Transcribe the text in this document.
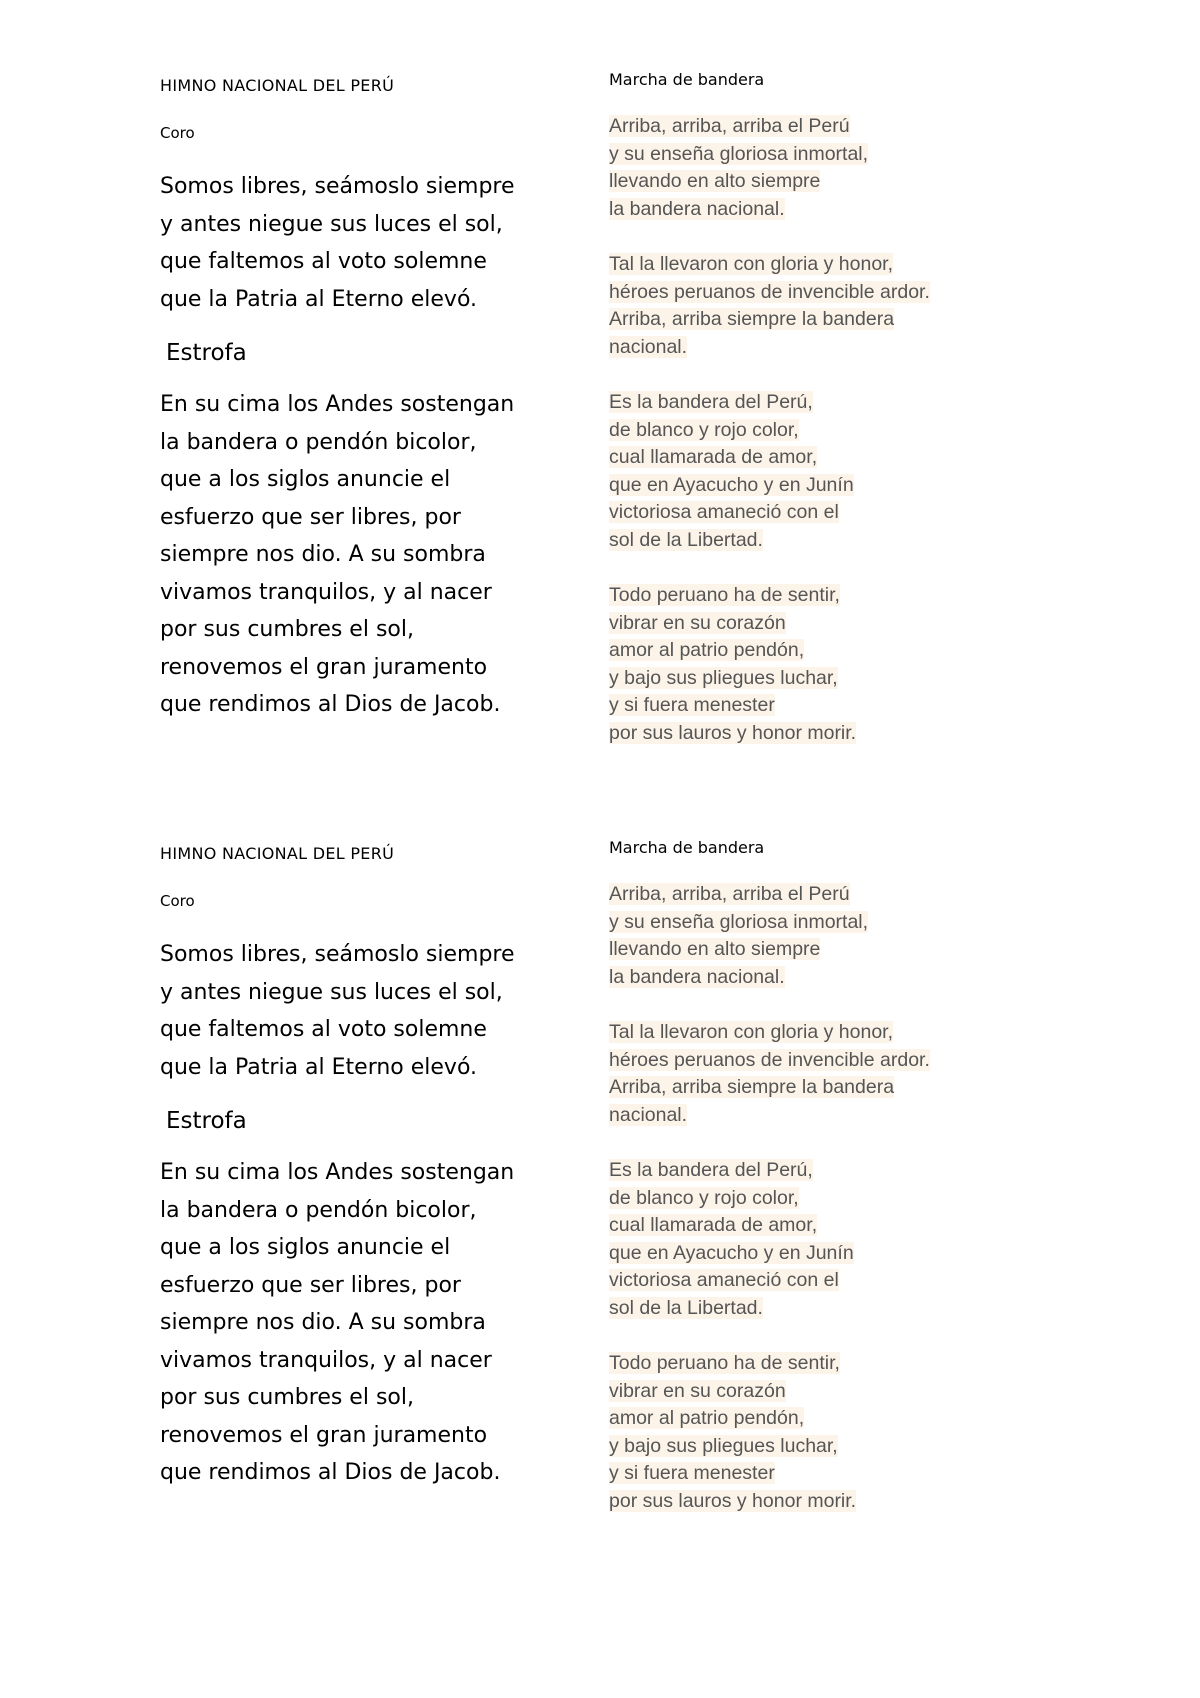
HIMNO NACIONAL DEL PERÚ
Coro

Somos libres, seámoslo siempre
y antes niegue sus luces el sol,
que faltemos al voto solemne
que la Patria al Eterno elevó.

Estrofa

En su cima los Andes sostengan
la bandera o pendón bicolor,
que a los siglos anuncie el
esfuerzo que ser libres, por
siempre nos dio. A su sombra
vivamos tranquilos, y al nacer
por sus cumbres el sol,
renovemos el gran juramento
que rendimos al Dios de Jacob.

Marcha de bandera
Arriba, arriba, arriba el Perú
y su enseña gloriosa inmortal,
llevando en alto siempre
la bandera nacional.
Tal la llevaron con gloria y honor,
héroes peruanos de invencible ardor.
Arriba, arriba siempre la bandera
nacional.
Es la bandera del Perú,
de blanco y rojo color,
cual llamarada de amor,
que en Ayacucho y en Junín
victoriosa amaneció con el
sol de la Libertad.
Todo peruano ha de sentir,
vibrar en su corazón
amor al patrio pendón,
y bajo sus pliegues luchar,
y si fuera menester
por sus lauros y honor morir.
HIMNO NACIONAL DEL PERÚ
Coro

Somos libres, seámoslo siempre
y antes niegue sus luces el sol,
que faltemos al voto solemne
que la Patria al Eterno elevó.

Estrofa

En su cima los Andes sostengan
la bandera o pendón bicolor,
que a los siglos anuncie el
esfuerzo que ser libres, por
siempre nos dio. A su sombra
vivamos tranquilos, y al nacer
por sus cumbres el sol,
renovemos el gran juramento
que rendimos al Dios de Jacob.

Marcha de bandera
Arriba, arriba, arriba el Perú
y su enseña gloriosa inmortal,
llevando en alto siempre
la bandera nacional.
Tal la llevaron con gloria y honor,
héroes peruanos de invencible ardor.
Arriba, arriba siempre la bandera
nacional.
Es la bandera del Perú,
de blanco y rojo color,
cual llamarada de amor,
que en Ayacucho y en Junín
victoriosa amaneció con el
sol de la Libertad.
Todo peruano ha de sentir,
vibrar en su corazón
amor al patrio pendón,
y bajo sus pliegues luchar,
y si fuera menester
por sus lauros y honor morir.
